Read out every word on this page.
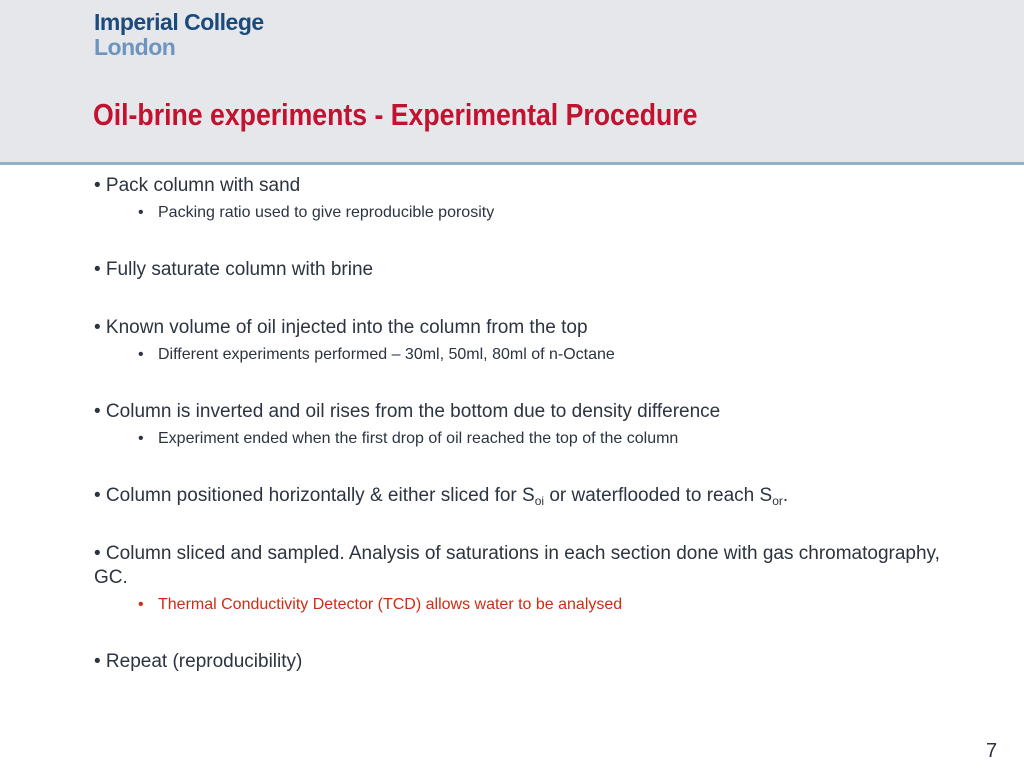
Imperial College
London
Oil-brine experiments - Experimental Procedure

• Pack column with sand

• Packing ratio used to give reproducible porosity

• Fully saturate column with brine

• Known volume of oil injected into the column from the top

• Different experiments performed – 30ml, 50ml, 80ml of n-Octane

• Column is inverted and oil rises from the bottom due to density difference

• Experiment ended when the first drop of oil reached the top of the column

• Column positioned horizontally & either sliced for $S_{oi}$ or waterflooded to reach $S_{or}$.

• Column sliced and sampled. Analysis of saturations in each section done with gas chromatography, GC.

• Thermal Conductivity Detector (TCD) allows water to be analysed

• Repeat (reproducibility)

7
